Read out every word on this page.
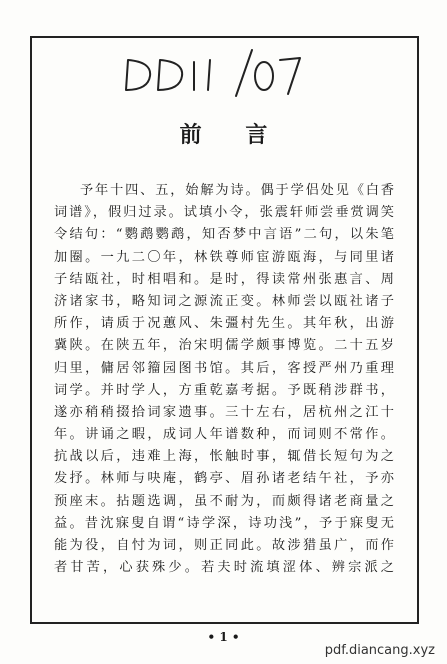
前 言
予年十四、五，始解为诗。偶于学侣处见《白香
词谱》，假归过录。试填小令，张震轩师尝垂赏调笑
令结句：“鹦鹉鹦鹉，知否梦中言语”二句，以朱笔
加圈。一九二〇年，林铁尊师宦游瓯海，与同里诸
子结瓯社，时相唱和。是时，得读常州张惠言、周
济诸家书，略知词之源流正变。林师尝以瓯社诸子
所作，请质于况蕙风、朱彊村先生。其年秋，出游
冀陕。在陕五年，治宋明儒学颇事博览。二十五岁
归里，傭居邻籀园图书馆。其后，客授严州乃重理
词学。并时学人，方重乾嘉考据。予既稍涉群书，
遂亦稍稍掇拾词家遗事。三十左右，居杭州之江十
年。讲诵之暇，成词人年谱数种，而词则不常作。
抗战以后，违难上海，怅触时事，辄借长短句为之
发抒。林师与吷庵，鹤亭、眉孙诸老结午社，予亦
预座末。拈题选调，虽不耐为，而颇得诸老商量之
益。昔沈寐叟自谓“诗学深，诗功浅”，予于寐叟无
能为役，自忖为词，则正同此。故涉猎虽广，而作
者甘苦，心获殊少。若夫时流填涩体、辨宗派之
• 1 •
pdf.diancang.xyz
